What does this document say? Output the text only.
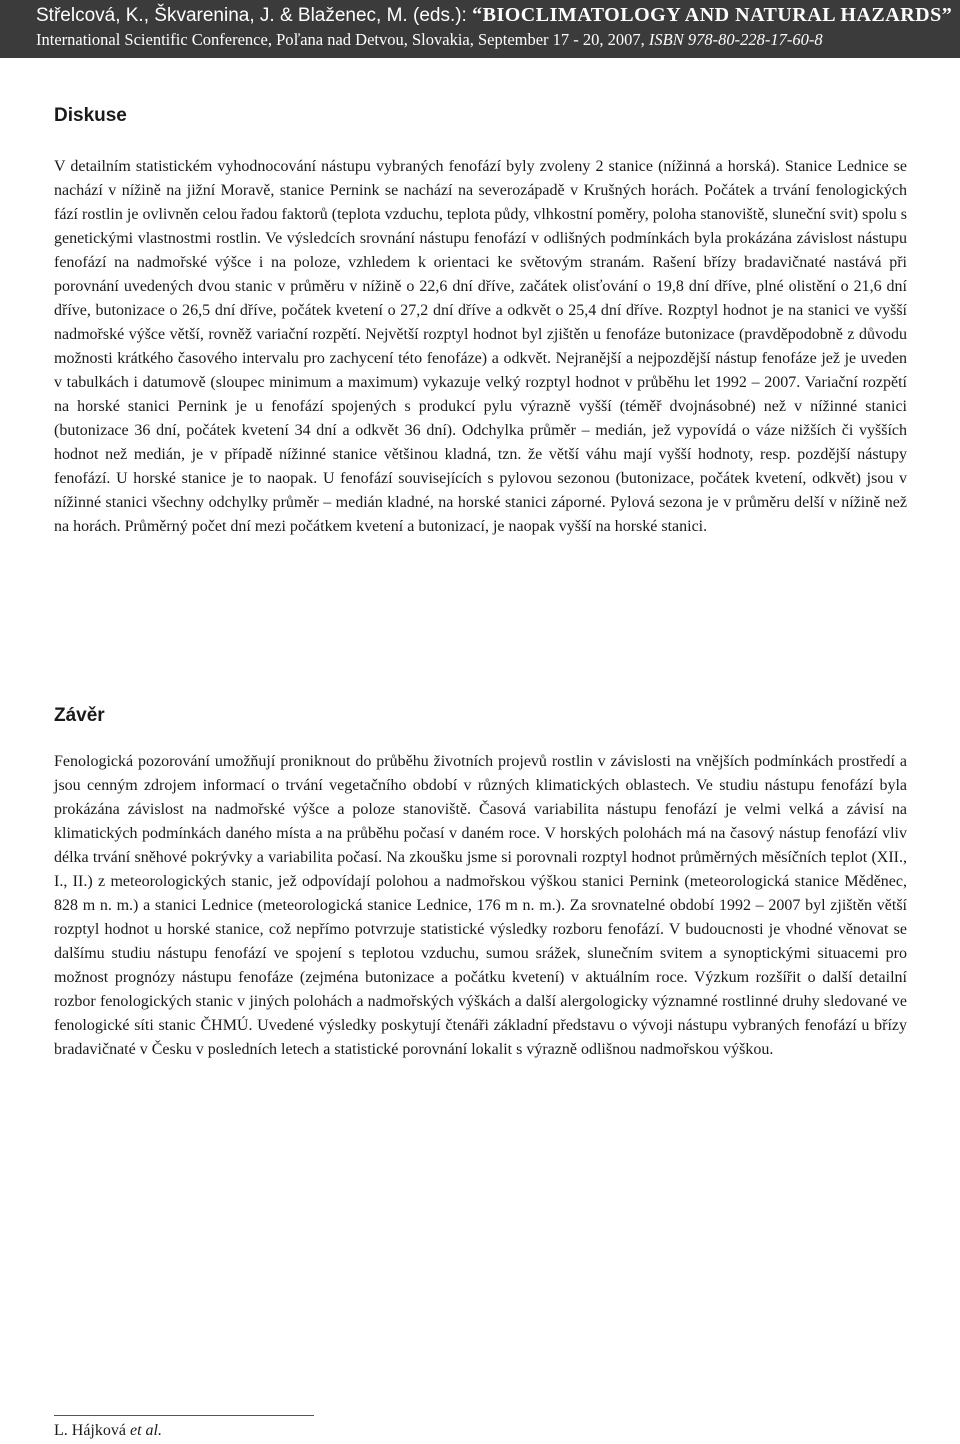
Střelcová, K., Škvarenina, J. & Blaženec, M. (eds.): “BIOCLIMATOLOGY AND NATURAL HAZARDS”
International Scientific Conference, Poľana nad Detvou, Slovakia, September 17 - 20, 2007, ISBN 978-80-228-17-60-8
Diskuse

V detailním statistickém vyhodnocování nástupu vybraných fenofází byly zvoleny 2 stanice (nížinná a horská). Stanice Lednice se nachází v nížině na jižní Moravě, stanice Pernink se nachází na severozápadě v Krušných horách. Počátek a trvání fenologických fází rostlin je ovlivněn celou řadou faktorů (teplota vzduchu, teplota půdy, vlhkostní poměry, poloha stanoviště, sluneční svit) spolu s genetickými vlastnostmi rostlin. Ve výsledcích srovnání nástupu fenofází v odlišných podmínkách byla prokázána závislost nástupu fenofází na nadmořské výšce i na poloze, vzhledem k orientaci ke světovým stranám. Rašení břízy bradavičnaté nastává při porovnání uvedených dvou stanic v průměru v nížině o 22,6 dní dříve, začátek olisťování o 19,8 dní dříve, plné olistění o 21,6 dní dříve, butonizace o 26,5 dní dříve, počátek kvetení o 27,2 dní dříve a odkvět o 25,4 dní dříve. Rozptyl hodnot je na stanici ve vyšší nadmořské výšce větší, rovněž variační rozpětí. Největší rozptyl hodnot byl zjištěn u fenofáze butonizace (pravděpodobně z důvodu možnosti krátkého časového intervalu pro zachycení této fenofáze) a odkvět. Nejranější a nejpozdější nástup fenofáze jež je uveden v tabulkách i datumově (sloupec minimum a maximum) vykazuje velký rozptyl hodnot v průběhu let 1992 – 2007. Variační rozpětí na horské stanici Pernink je u fenofází spojených s produkcí pylu výrazně vyšší (téměř dvojnásobné) než v nížinné stanici (butonizace 36 dní, počátek kvetení 34 dní a odkvět 36 dní). Odchylka průměr – medián, jež vypovídá o váze nižších či vyšších hodnot než medián, je v případě nížinné stanice většinou kladná, tzn. že větší váhu mají vyšší hodnoty, resp. pozdější nástupy fenofází. U horské stanice je to naopak. U fenofází souvisejících s pylovou sezonou (butonizace, počátek kvetení, odkvět) jsou v nížinné stanici všechny odchylky průměr – medián kladné, na horské stanici záporné. Pylová sezona je v průměru delší v nížině než na horách. Průměrný počet dní mezi počátkem kvetení a butonizací, je naopak vyšší na horské stanici.

Závěr

Fenologická pozorování umožňují proniknout do průběhu životních projevů rostlin v závislosti na vnějších podmínkách prostředí a jsou cenným zdrojem informací o trvání vegetačního období v různých klimatických oblastech. Ve studiu nástupu fenofází byla prokázána závislost na nadmořské výšce a poloze stanoviště. Časová variabilita nástupu fenofází je velmi velká a závisí na klimatických podmínkách daného místa a na průběhu počasí v daném roce. V horských polohách má na časový nástup fenofází vliv délka trvání sněhové pokrývky a variabilita počasí. Na zkoušku jsme si porovnali rozptyl hodnot průměrných měsíčních teplot (XII., I., II.) z meteorologických stanic, jež odpovídají polohou a nadmořskou výškou stanici Pernink (meteorologická stanice Měděnec, 828 m n. m.) a stanici Lednice (meteorologická stanice Lednice, 176 m n. m.). Za srovnatelné období 1992 – 2007 byl zjištěn větší rozptyl hodnot u horské stanice, což nepřímo potvrzuje statistické výsledky rozboru fenofází. V budoucnosti je vhodné věnovat se dalšímu studiu nástupu fenofází ve spojení s teplotou vzduchu, sumou srážek, slunečním svitem a synoptickými situacemi pro možnost prognózy nástupu fenofáze (zejména butonizace a počátku kvetení) v aktuálním roce. Výzkum rozšířit o další detailní rozbor fenologických stanic v jiných polohách a nadmořských výškách a další alergologicky významné rostlinné druhy sledované ve fenologické síti stanic ČHMÚ. Uvedené výsledky poskytují čtenáři základní představu o vývoji nástupu vybraných fenofází u břízy bradavičnaté v Česku v posledních letech a statistické porovnání lokalit s výrazně odlišnou nadmořskou výškou.

L. Hájková et al.
